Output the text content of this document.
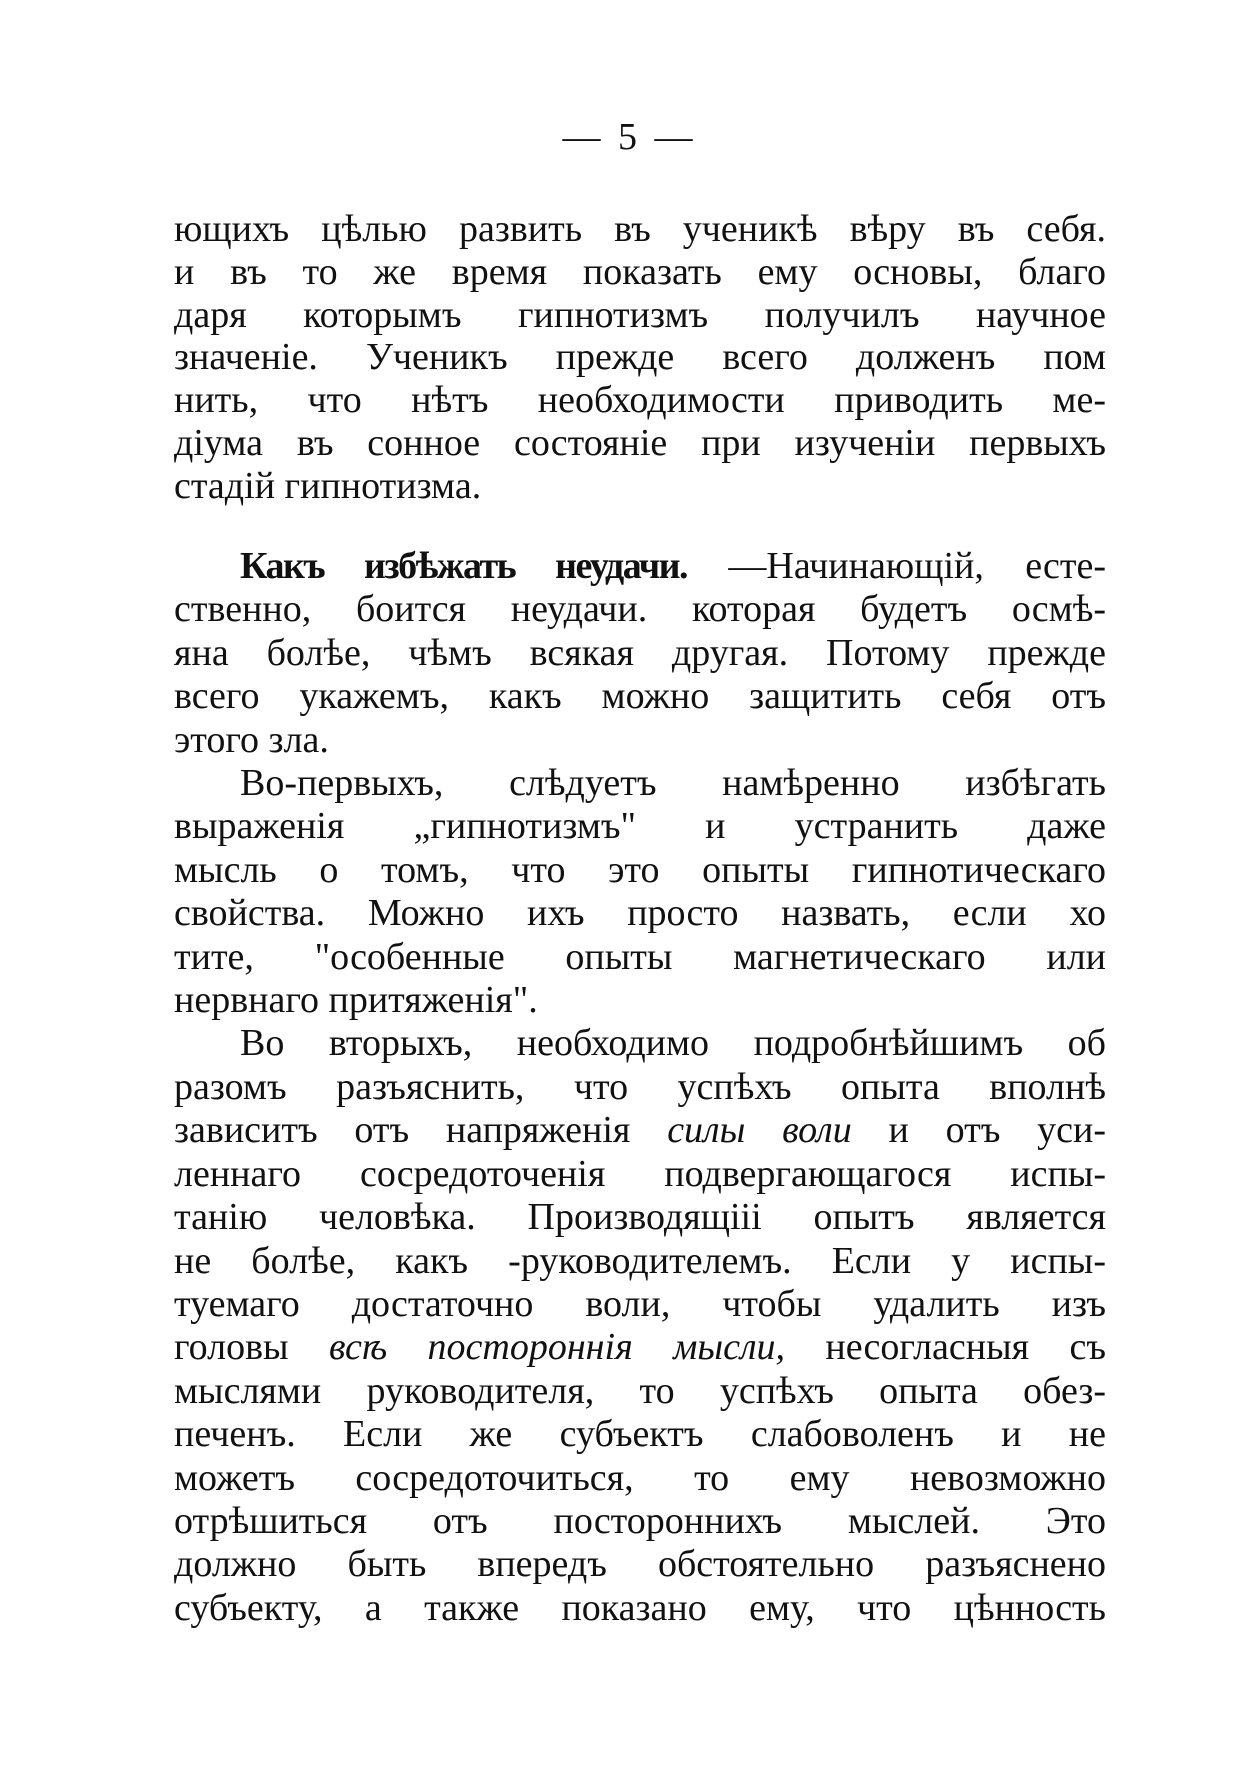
— 5 —
ющихъ цѣлью развить въ ученикѣ вѣру въ себя.
и въ то же время показать ему основы, благо
даря которымъ гипнотизмъ получилъ научное
значеніе. Ученикъ прежде всего долженъ пом
нить, что нѣтъ необходимости приводить ме-
діума въ сонное состояніе при изученіи первыхъ
стадій гипнотизма.
Какъ избѣжать неудачи. —Начинающій, есте-
ственно, боится неудачи. которая будетъ осмѣ-
яна болѣе, чѣмъ всякая другая. Потому прежде
всего укажемъ, какъ можно защитить себя отъ
этого зла.
Во-первыхъ, слѣдуетъ намѣренно избѣгать
выраженія „гипнотизмъ" и устранить даже
мысль о томъ, что это опыты гипнотическаго
свойства. Можно ихъ просто назвать, если хо
тите, "особенные опыты магнетическаго или
нервнаго притяженія".
Во вторыхъ, необходимо подробнѣйшимъ об
разомъ разъяснить, что успѣхъ опыта вполнѣ
зависитъ отъ напряженія силы воли и отъ уси-
леннаго сосредоточенія подвергающагося испы-
танію человѣка. Производящііі опытъ является
не болѣе, какъ -руководителемъ. Если у испы-
туемаго достаточно воли, чтобы удалить изъ
головы всѣ постороннія мысли, несогласныя съ
мыслями руководителя, то успѣхъ опыта обез-
печенъ. Если же субъектъ слабоволенъ и не
можетъ сосредоточиться, то ему невозможно
отрѣшиться отъ постороннихъ мыслей. Это
должно быть впередъ обстоятельно разъяснено
субъекту, а также показано ему, что цѣнность
